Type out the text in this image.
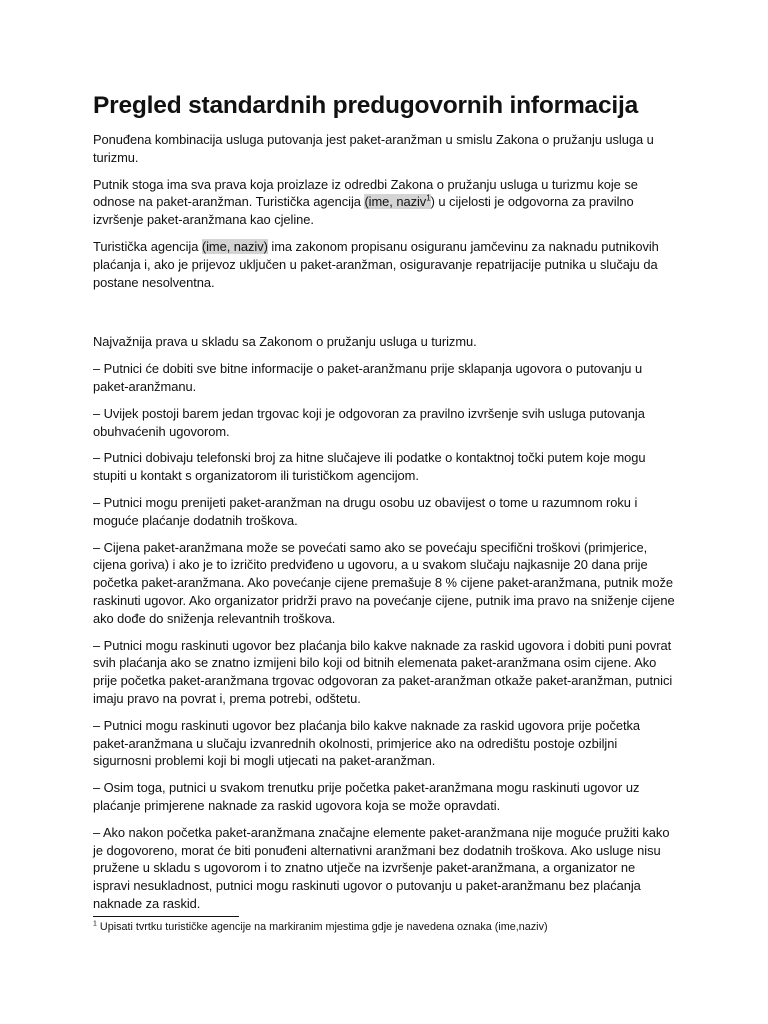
Pregled standardnih predugovornih informacija

Ponuđena kombinacija usluga putovanja jest paket-aranžman u smislu Zakona o pružanju usluga u turizmu.

Putnik stoga ima sva prava koja proizlaze iz odredbi Zakona o pružanju usluga u turizmu koje se odnose na paket-aranžman. Turistička agencija (ime, naziv$^1$) u cijelosti je odgovorna za pravilno izvršenje paket-aranžmana kao cjeline.

Turistička agencija (ime, naziv) ima zakonom propisanu osiguranu jamčevinu za naknadu putnikovih plaćanja i, ako je prijevoz uključen u paket-aranžman, osiguravanje repatrijacije putnika u slučaju da postane nesolventna.

Najvažnija prava u skladu sa Zakonom o pružanju usluga u turizmu.

– Putnici će dobiti sve bitne informacije o paket-aranžmanu prije sklapanja ugovora o putovanju u paket-aranžmanu.

– Uvijek postoji barem jedan trgovac koji je odgovoran za pravilno izvršenje svih usluga putovanja obuhvaćenih ugovorom.

– Putnici dobivaju telefonski broj za hitne slučajeve ili podatke o kontaktnoj točki putem koje mogu stupiti u kontakt s organizatorom ili turističkom agencijom.

– Putnici mogu prenijeti paket-aranžman na drugu osobu uz obavijest o tome u razumnom roku i moguće plaćanje dodatnih troškova.

– Cijena paket-aranžmana može se povećati samo ako se povećaju specifični troškovi (primjerice, cijena goriva) i ako je to izričito predviđeno u ugovoru, a u svakom slučaju najkasnije 20 dana prije početka paket-aranžmana. Ako povećanje cijene premašuje 8 % cijene paket-aranžmana, putnik može raskinuti ugovor. Ako organizator pridrži pravo na povećanje cijene, putnik ima pravo na sniženje cijene ako dođe do sniženja relevantnih troškova.

– Putnici mogu raskinuti ugovor bez plaćanja bilo kakve naknade za raskid ugovora i dobiti puni povrat svih plaćanja ako se znatno izmijeni bilo koji od bitnih elemenata paket-aranžmana osim cijene. Ako prije početka paket-aranžmana trgovac odgovoran za paket-aranžman otkaže paket-aranžman, putnici imaju pravo na povrat i, prema potrebi, odštetu.

– Putnici mogu raskinuti ugovor bez plaćanja bilo kakve naknade za raskid ugovora prije početka paket-aranžmana u slučaju izvanrednih okolnosti, primjerice ako na odredištu postoje ozbiljni sigurnosni problemi koji bi mogli utjecati na paket-aranžman.

– Osim toga, putnici u svakom trenutku prije početka paket-aranžmana mogu raskinuti ugovor uz plaćanje primjerene naknade za raskid ugovora koja se može opravdati.

– Ako nakon početka paket-aranžmana značajne elemente paket-aranžmana nije moguće pružiti kako je dogovoreno, morat će biti ponuđeni alternativni aranžmani bez dodatnih troškova. Ako usluge nisu pružene u skladu s ugovorom i to znatno utječe na izvršenje paket-aranžmana, a organizator ne ispravi nesukladnost, putnici mogu raskinuti ugovor o putovanju u paket-aranžmanu bez plaćanja naknade za raskid.

$^1$ Upisati tvrtku turističke agencije na markiranim mjestima gdje je navedena oznaka (ime,naziv)
